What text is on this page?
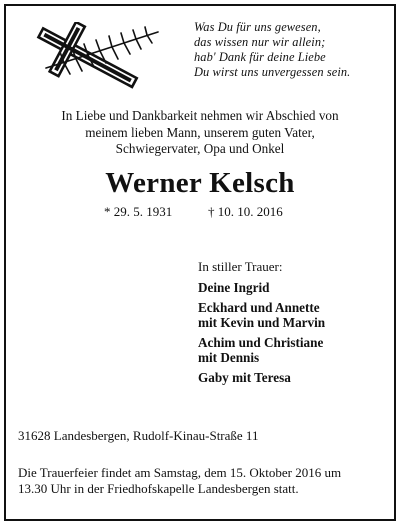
Was Du für uns gewesen,
das wissen nur wir allein;
hab' Dank für deine Liebe
Du wirst uns unvergessen sein.
In Liebe und Dankbarkeit nehmen wir Abschied von
meinem lieben Mann, unserem guten Vater,
Schwiegervater, Opa und Onkel
Werner Kelsch
* 29. 5. 1931	† 10. 10. 2016
In stiller Trauer:
Deine Ingrid
Eckhard und Annette
mit Kevin und Marvin
Achim und Christiane
mit Dennis
Gaby mit Teresa
31628 Landesbergen, Rudolf-Kinau-Straße 11
Die Trauerfeier findet am Samstag, dem 15. Oktober 2016 um
13.30 Uhr in der Friedhofskapelle Landesbergen statt.
